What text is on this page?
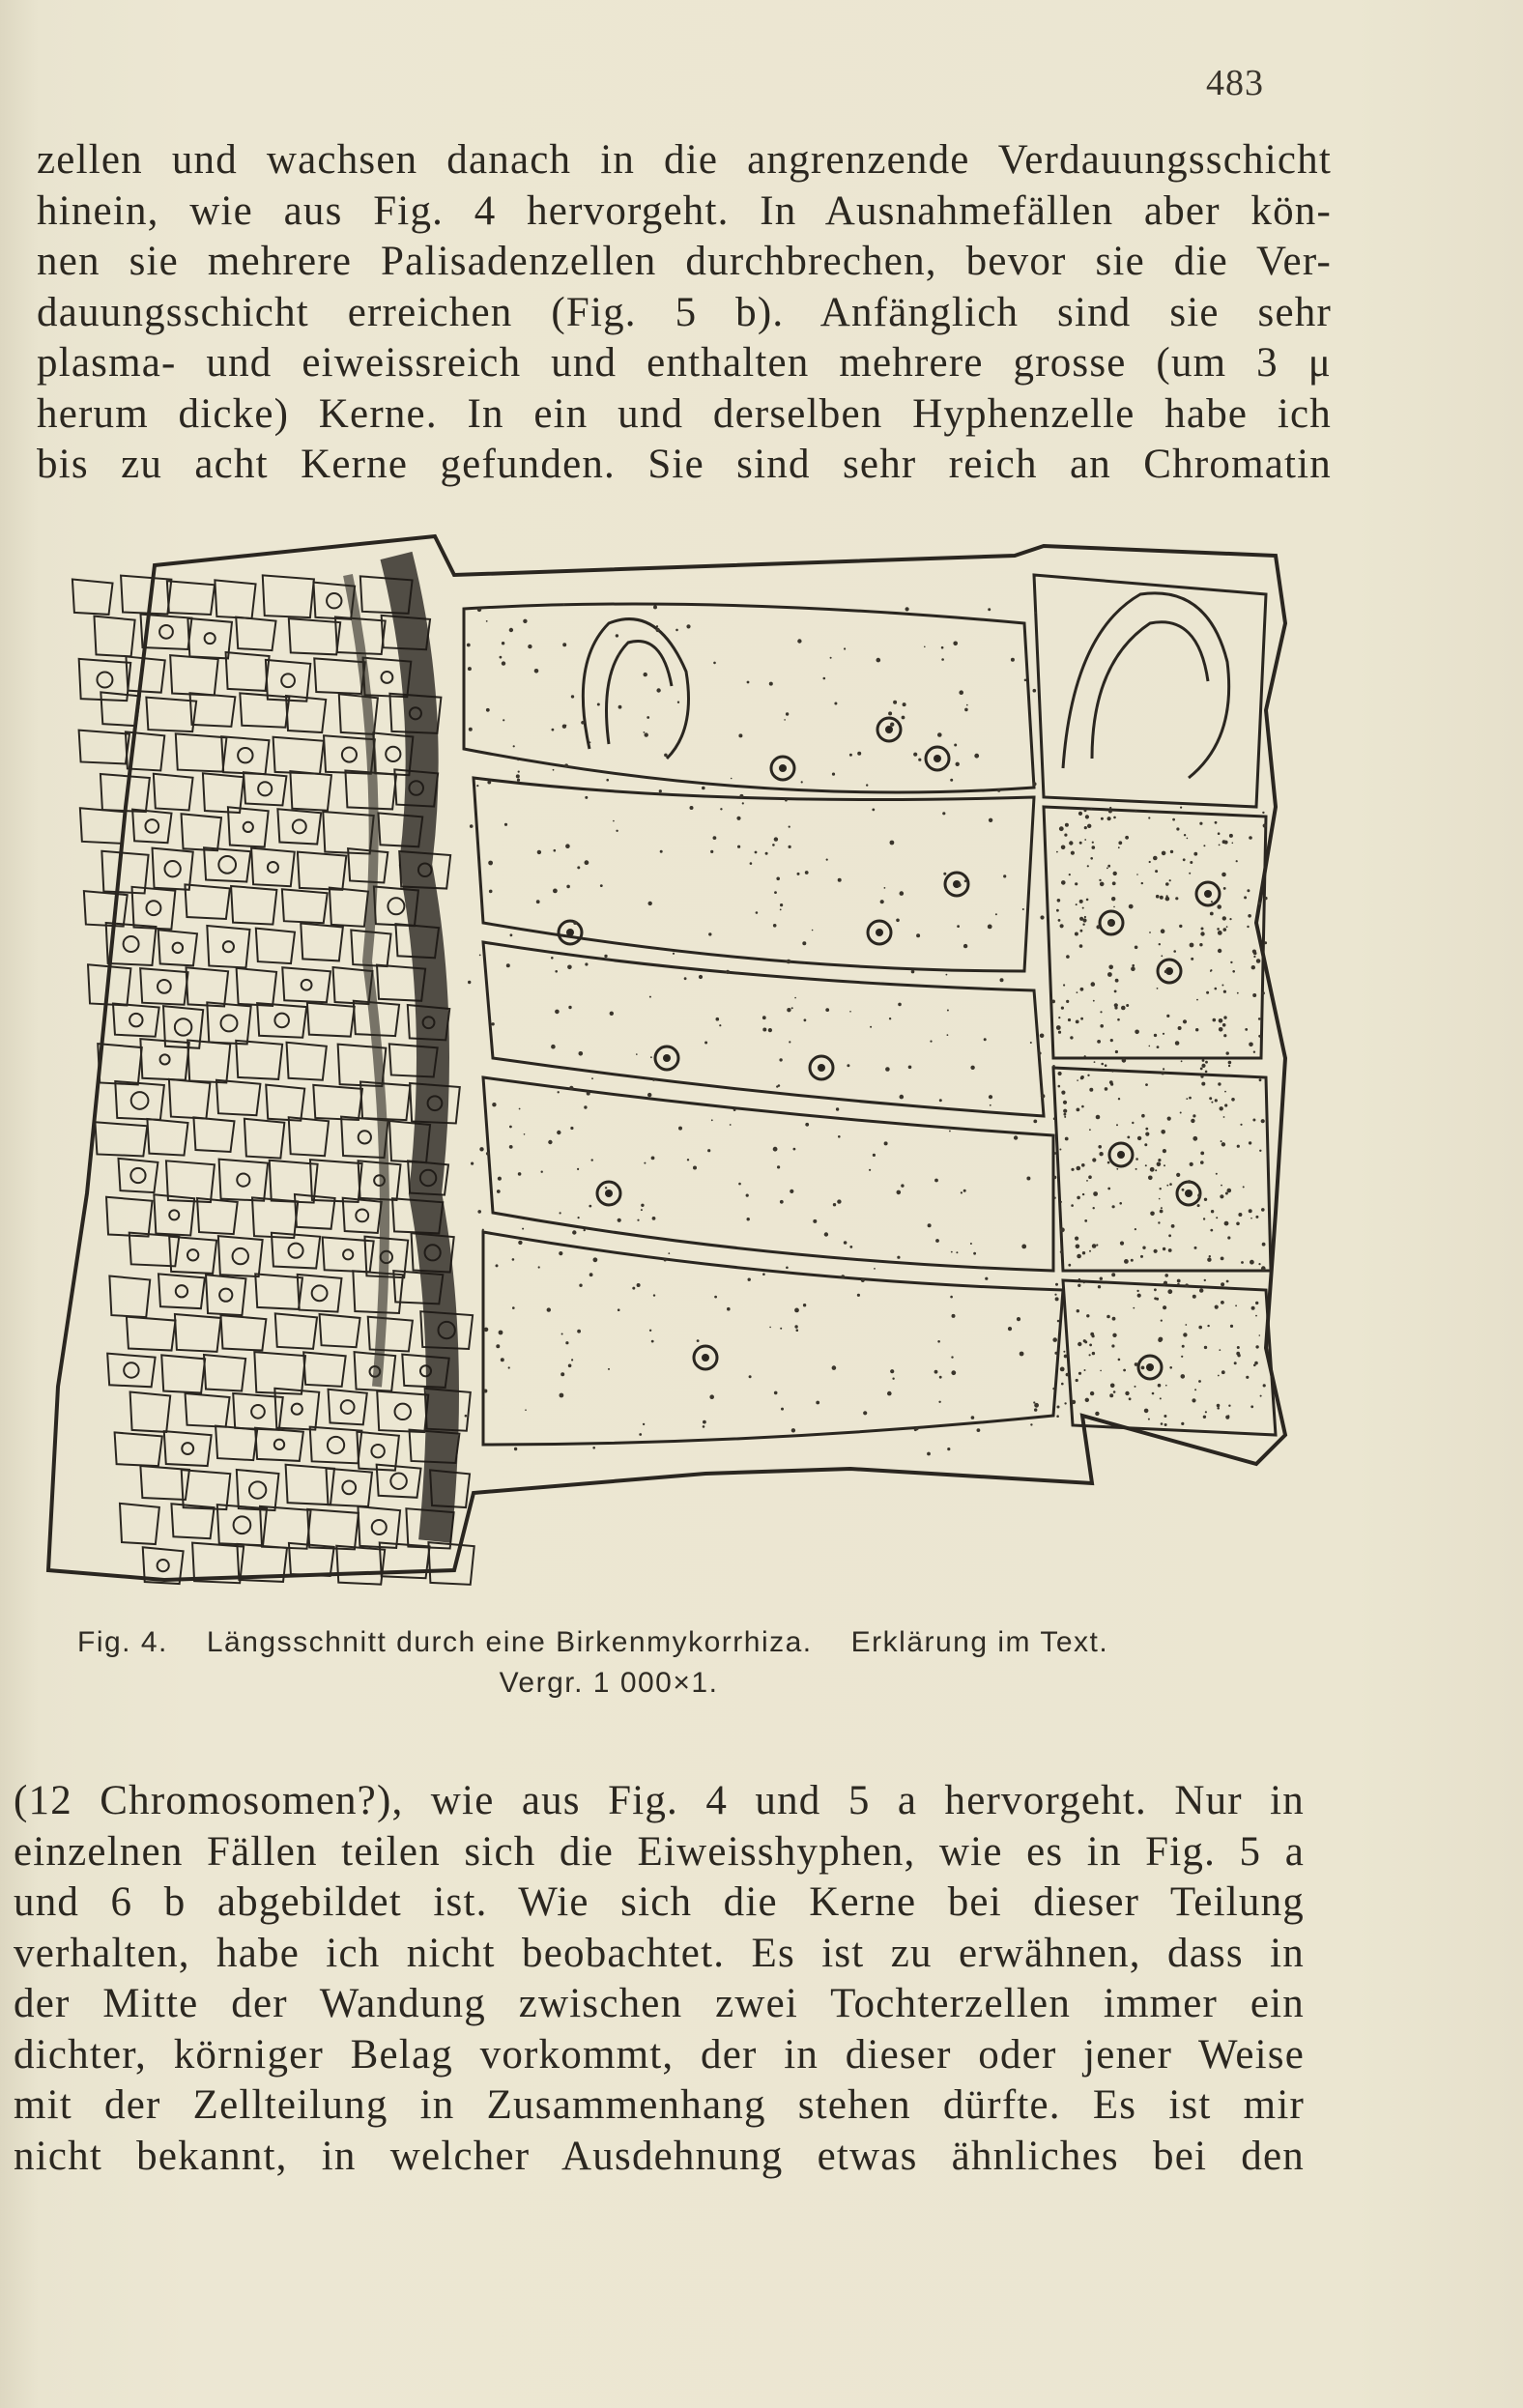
483
zellen und wachsen danach in die angrenzende Verdauungsschicht
hinein, wie aus Fig. 4 hervorgeht. In Ausnahmefällen aber kön-
nen sie mehrere Palisadenzellen durchbrechen, bevor sie die Ver-
dauungsschicht erreichen (Fig. 5 b). Anfänglich sind sie sehr
plasma- und eiweissreich und enthalten mehrere grosse (um 3 μ
herum dicke) Kerne. In ein und derselben Hyphenzelle habe ich
bis zu acht Kerne gefunden. Sie sind sehr reich an Chromatin
Fig. 4. Längsschnitt durch eine Birkenmykorrhiza. Erklärung im Text.
Vergr. 1 000×1.
(12 Chromosomen?), wie aus Fig. 4 und 5 a hervorgeht. Nur in
einzelnen Fällen teilen sich die Eiweisshyphen, wie es in Fig. 5 a
und 6 b abgebildet ist. Wie sich die Kerne bei dieser Teilung
verhalten, habe ich nicht beobachtet. Es ist zu erwähnen, dass in
der Mitte der Wandung zwischen zwei Tochterzellen immer ein
dichter, körniger Belag vorkommt, der in dieser oder jener Weise
mit der Zellteilung in Zusammenhang stehen dürfte. Es ist mir
nicht bekannt, in welcher Ausdehnung etwas ähnliches bei den
